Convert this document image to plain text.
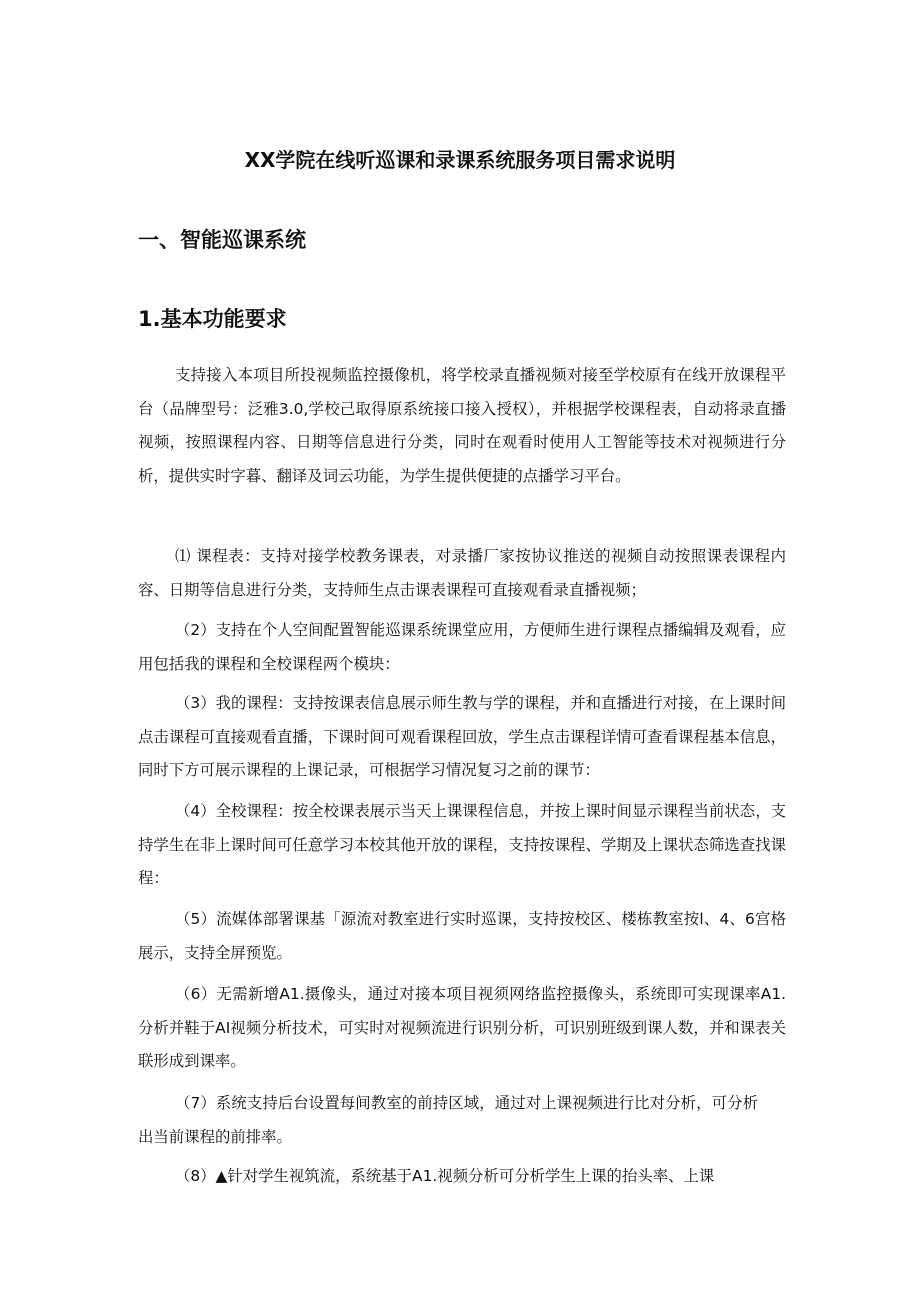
XX学院在线听巡课和录课系统服务项目需求说明
一、智能巡课系统
1.基本功能要求

支持接入本项目所投视频监控摄像机，将学校录直播视频对接至学校原有在线开放课程平台（品牌型号：泛雅3.0,学校己取得原系统接口接入授权），并根据学校课程表，自动将录直播视频，按照课程内容、日期等信息进行分类，同时在观看时使用人工智能等技术对视频进行分析，提供实时字暮、翻译及词云功能，为学生提供便捷的点播学习平台。

⑴ 课程表：支持对接学校教务课表，对录播厂家按协议推送的视频自动按照课表课程内容、日期等信息进行分类，支持师生点击课表课程可直接观看录直播视频；

（2）支持在个人空间配置智能巡课系统课堂应用，方便师生进行课程点播编辑及观看，应用包括我的课程和全校课程两个模块：

（3）我的课程：支持按课表信息展示师生教与学的课程，并和直播进行对接，在上课时间点击课程可直接观看直播，下课时间可观看课程回放，学生点击课程详情可查看课程基本信息，同时下方可展示课程的上课记录，可根据学习情况复习之前的课节：

（4）全校课程：按全校课表展示当天上课课程信息，并按上课时间显示课程当前状态，支持学生在非上课时间可任意学习本校其他开放的课程，支持按课程、学期及上课状态筛选查找课程：

（5）流媒体部署课基「源流对教室进行实时巡课，支持按校区、楼栋教室按l、4、6宫格展示，支持全屏预览。

（6）无需新增A1.摄像头，通过对接本项目视须网络监控摄像头，系统即可实现课率A1.分析并鞋于AI视频分析技术，可实时对视频流进行识别分析，可识别班级到课人数，并和课表关联形成到课率。

（7）系统支持后台设置每间教室的前持区域，通过对上课视频进行比对分析，可分析出当前课程的前排率。

（8）▲针对学生视筑流，系统基于A1.视频分析可分析学生上课的抬头率、上课
